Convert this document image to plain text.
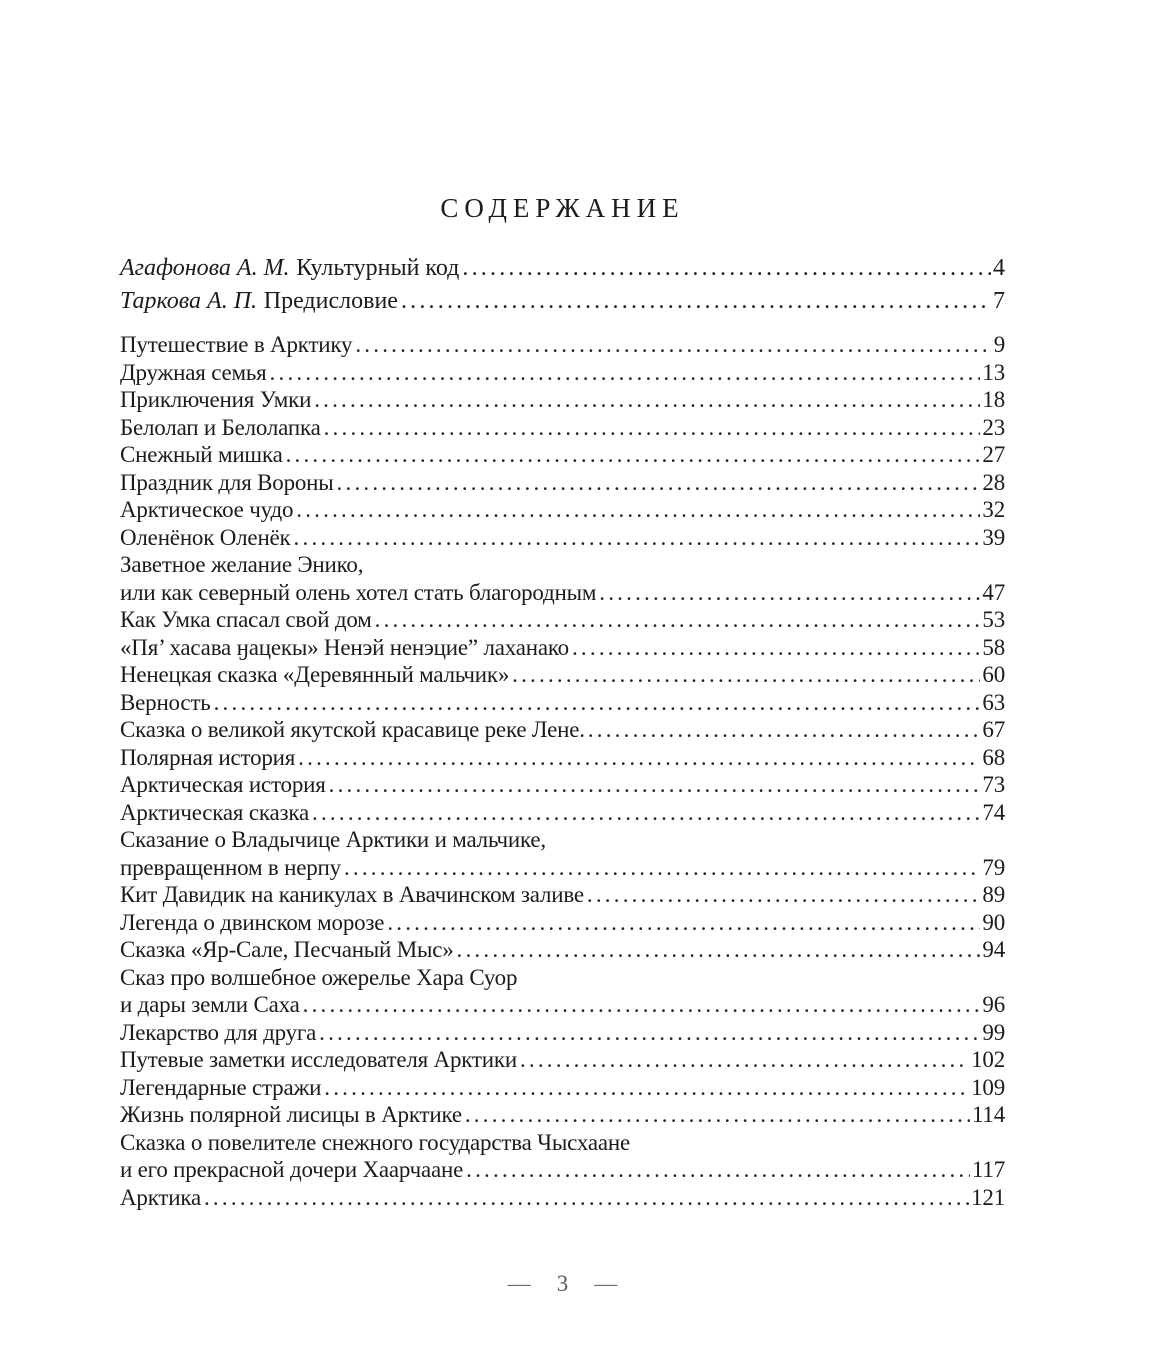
СОДЕРЖАНИЕ
Агафонова А. М. Культурный код .....	4
Таркова А. П. Предисловие .....	7
Путешествие в Арктику .....	9
Дружная семья .....	13
Приключения Умки .....	18
Белолап и Белолапка .....	23
Снежный мишка .....	27
Праздник для Вороны .....	28
Арктическое чудо .....	32
Оленёнок Оленёк .....	39
Заветное желание Энико,
или как северный олень хотел стать благородным .....	47
Как Умка спасал свой дом .....	53
«Пя’ хасава ӈацекы» Ненэй ненэцие” лаханако .....	58
Ненецкая сказка «Деревянный мальчик» .....	60
Верность .....	63
Сказка о великой якутской красавице реке Лене. .....	67
Полярная история .....	68
Арктическая история .....	73
Арктическая сказка .....	74
Сказание о Владычице Арктики и мальчике,
превращенном в нерпу .....	79
Кит Давидик на каникулах в Авачинском заливе .....	89
Легенда о двинском морозе .....	90
Сказка «Яр-Сале, Песчаный Мыс» .....	94
Сказ про волшебное ожерелье Хара Суор
и дары земли Саха .....	96
Лекарство для друга .....	99
Путевые заметки исследователя Арктики .....	102
Легендарные стражи .....	109
Жизнь полярной лисицы в Арктике .....	114
Сказка о повелителе снежного государства Чысхаане
и его прекрасной дочери Хаарчаане .....	117
Арктика .....	121
— 3 —
